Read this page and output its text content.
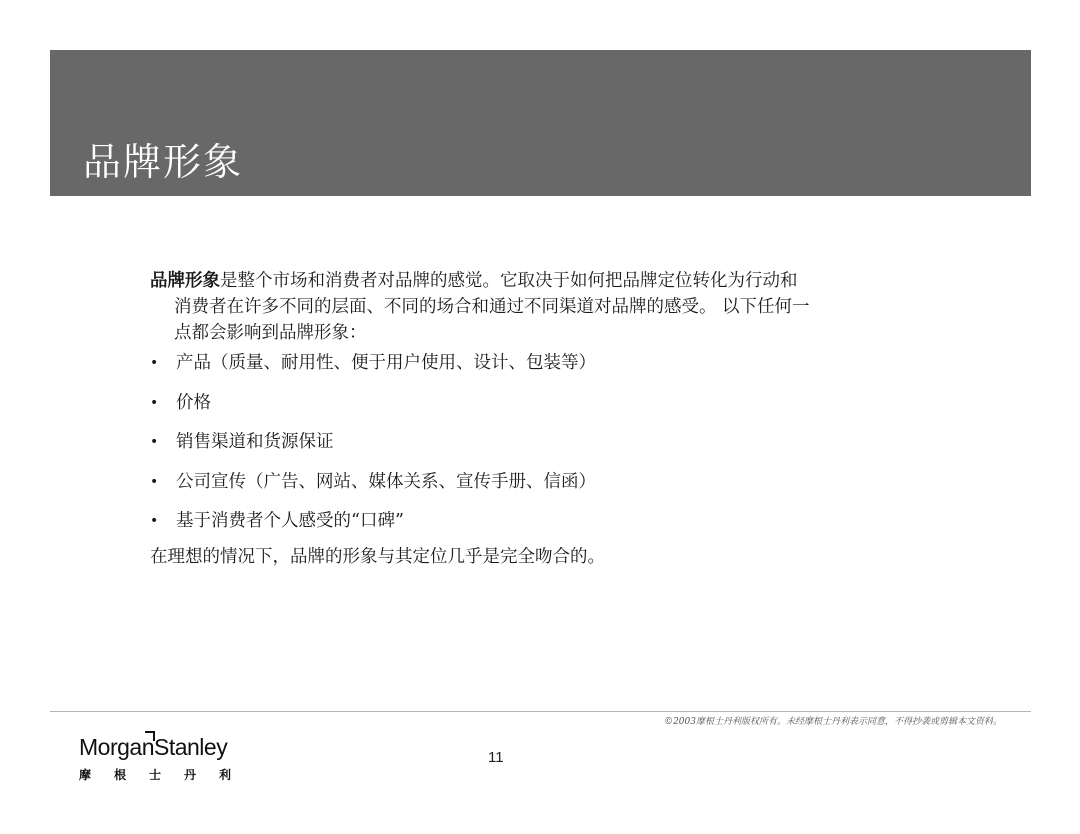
品牌形象

品牌形象是整个市场和消费者对品牌的感觉。它取决于如何把品牌定位转化为行动和
消费者在许多不同的层面、不同的场合和通过不同渠道对品牌的感受。 以下任何一
点都会影响到品牌形象：

• 产品（质量、耐用性、便于用户使用、设计、包装等）
• 价格
• 销售渠道和货源保证
• 公司宣传（广告、网站、媒体关系、宣传手册、信函）
• 基于消费者个人感受的“口碑”

在理想的情况下，品牌的形象与其定位几乎是完全吻合的。

©2003摩根士丹利版权所有。未经摩根士丹利表示同意，不得抄袭或剪辑本文资料。
MorganStanley
摩根士丹利
11
